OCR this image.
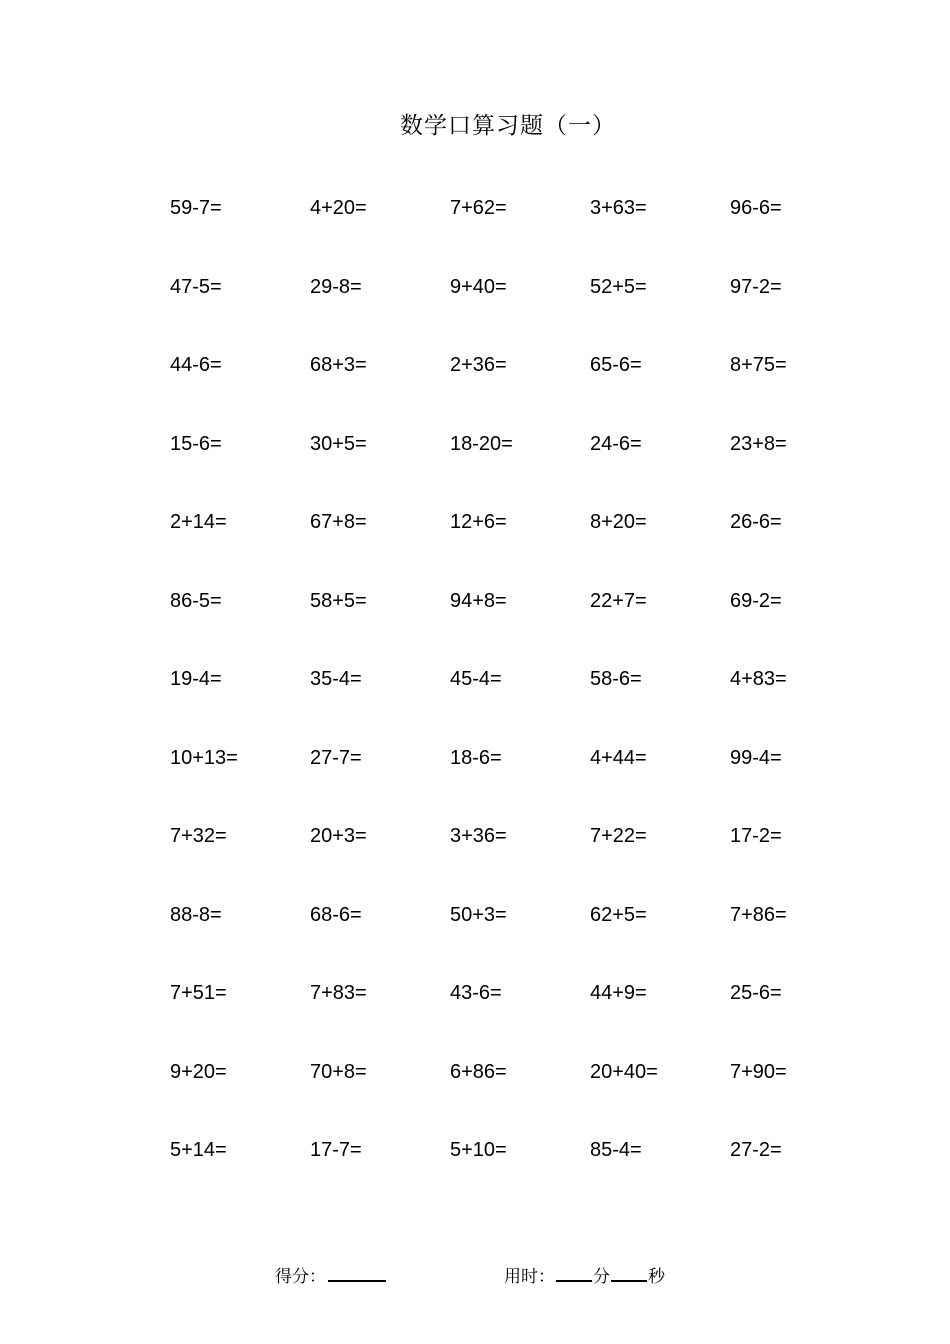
数学口算习题（一）
59-7=	4+20=	7+62=	3+63=	96-6=
47-5=	29-8=	9+40=	52+5=	97-2=
44-6=	68+3=	2+36=	65-6=	8+75=
15-6=	30+5=	18-20=	24-6=	23+8=
2+14=	67+8=	12+6=	8+20=	26-6=
86-5=	58+5=	94+8=	22+7=	69-2=
19-4=	35-4=	45-4=	58-6=	4+83=
10+13=	27-7=	18-6=	4+44=	99-4=
7+32=	20+3=	3+36=	7+22=	17-2=
88-8=	68-6=	50+3=	62+5=	7+86=
7+51=	7+83=	43-6=	44+9=	25-6=
9+20=	70+8=	6+86=	20+40=	7+90=
5+14=	17-7=	5+10=	85-4=	27-2=
得分：	用时： 分 秒
